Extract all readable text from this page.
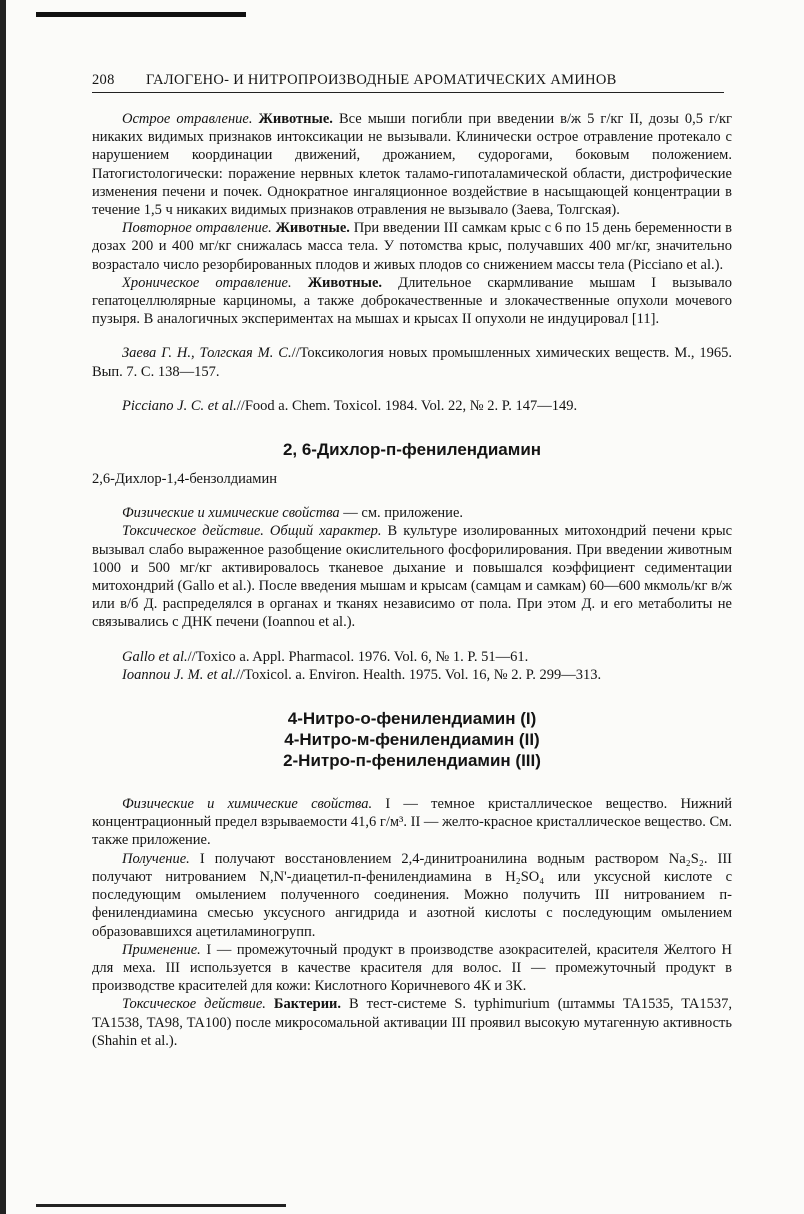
208 ГАЛОГЕНО- И НИТРОПРОИЗВОДНЫЕ АРОМАТИЧЕСКИХ АМИНОВ

Острое отравление. Животные. Все мыши погибли при введении в/ж 5 г/кг II, дозы 0,5 г/кг никаких видимых признаков интоксикации не вызывали. Клинически острое отравление протекало с нарушением координации движений, дрожанием, судорогами, боковым положением. Патогистологически: поражение нервных клеток таламо-гипоталамической области, дистрофические изменения печени и почек. Однократное ингаляционное воздействие в насыщающей концентрации в течение 1,5 ч никаких видимых признаков отравления не вызывало (Заева, Толгская).

Повторное отравление. Животные. При введении III самкам крыс с 6 по 15 день беременности в дозах 200 и 400 мг/кг снижалась масса тела. У потомства крыс, получавших 400 мг/кг, значительно возрастало число резорбированных плодов и живых плодов со снижением массы тела (Picciano et al.).

Хроническое отравление. Животные. Длительное скармливание мышам I вызывало гепатоцеллюлярные карциномы, а также доброкачественные и злокачественные опухоли мочевого пузыря. В аналогичных экспериментах на мышах и крысах II опухоли не индуцировал [11].

Заева Г. Н., Толгская М. С.//Токсикология новых промышленных химических веществ. М., 1965. Вып. 7. С. 138—157.

Picciano J. C. et al.//Food a. Chem. Toxicol. 1984. Vol. 22, № 2. P. 147—149.

2, 6-Дихлор-п-фенилендиамин

2,6-Дихлор-1,4-бензолдиамин

Физические и химические свойства — см. приложение.

Токсическое действие. Общий характер. В культуре изолированных митохондрий печени крыс вызывал слабо выраженное разобщение окислительного фосфорилирования. При введении животным 1000 и 500 мг/кг активировалось тканевое дыхание и повышался коэффициент седиментации митохондрий (Gallo et al.). После введения мышам и крысам (самцам и самкам) 60—600 мкмоль/кг в/ж или в/б Д. распределялся в органах и тканях независимо от пола. При этом Д. и его метаболиты не связывались с ДНК печени (Ioannou et al.).

Gallo et al.//Toxico a. Appl. Pharmacol. 1976. Vol. 6, № 1. P. 51—61.

Ioannou J. M. et al.//Toxicol. a. Environ. Health. 1975. Vol. 16, № 2. P. 299—313.

4-Нитро-о-фенилендиамин (I)
4-Нитро-м-фенилендиамин (II)
2-Нитро-п-фенилендиамин (III)

Физические и химические свойства. I — темное кристаллическое вещество. Нижний концентрационный предел взрываемости 41,6 г/м³. II — желто-красное кристаллическое вещество. См. также приложение.

Получение. I получают восстановлением 2,4-динитроанилина водным раствором Na₂S₂. III получают нитрованием N,N'-диацетил-п-фенилендиамина в H₂SO₄ или уксусной кислоте с последующим омылением полученного соединения. Можно получить III нитрованием п-фенилендиамина смесью уксусного ангидрида и азотной кислоты с последующим омылением образовавшихся ацетиламиногрупп.

Применение. I — промежуточный продукт в производстве азокрасителей, красителя Желтого Н для меха. III используется в качестве красителя для волос. II — промежуточный продукт в производстве красителей для кожи: Кислотного Коричневого 4К и 3К.

Токсическое действие. Бактерии. В тест-системе S. typhimurium (штаммы TA1535, TA1537, TA1538, TA98, TA100) после микросомальной активации III проявил высокую мутагенную активность (Shahin et al.).
